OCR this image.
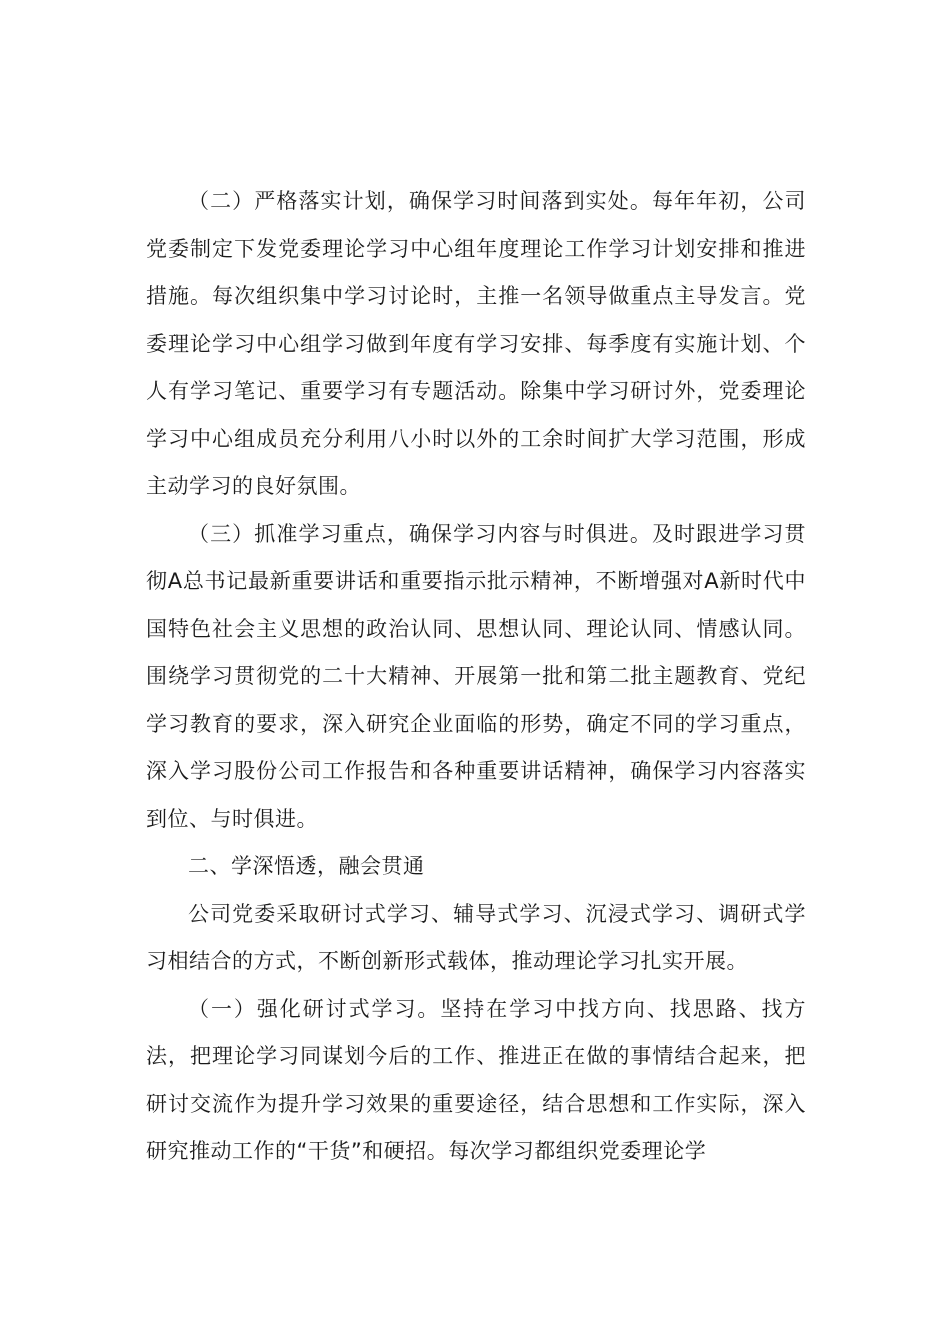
（二）严格落实计划，确保学习时间落到实处。每年年初，公司党委制定下发党委理论学习中心组年度理论工作学习计划安排和推进措施。每次组织集中学习讨论时，主推一名领导做重点主导发言。党委理论学习中心组学习做到年度有学习安排、每季度有实施计划、个人有学习笔记、重要学习有专题活动。除集中学习研讨外，党委理论学习中心组成员充分利用八小时以外的工余时间扩大学习范围，形成主动学习的良好氛围。

（三）抓准学习重点，确保学习内容与时俱进。及时跟进学习贯彻A总书记最新重要讲话和重要指示批示精神，不断增强对A新时代中国特色社会主义思想的政治认同、思想认同、理论认同、情感认同。围绕学习贯彻党的二十大精神、开展第一批和第二批主题教育、党纪学习教育的要求，深入研究企业面临的形势，确定不同的学习重点，深入学习股份公司工作报告和各种重要讲话精神，确保学习内容落实到位、与时俱进。

二、学深悟透，融会贯通

公司党委采取研讨式学习、辅导式学习、沉浸式学习、调研式学习相结合的方式，不断创新形式载体，推动理论学习扎实开展。

（一）强化研讨式学习。坚持在学习中找方向、找思路、找方法，把理论学习同谋划今后的工作、推进正在做的事情结合起来，把研讨交流作为提升学习效果的重要途径，结合思想和工作实际，深入研究推动工作的“干货”和硬招。每次学习都组织党委理论学
